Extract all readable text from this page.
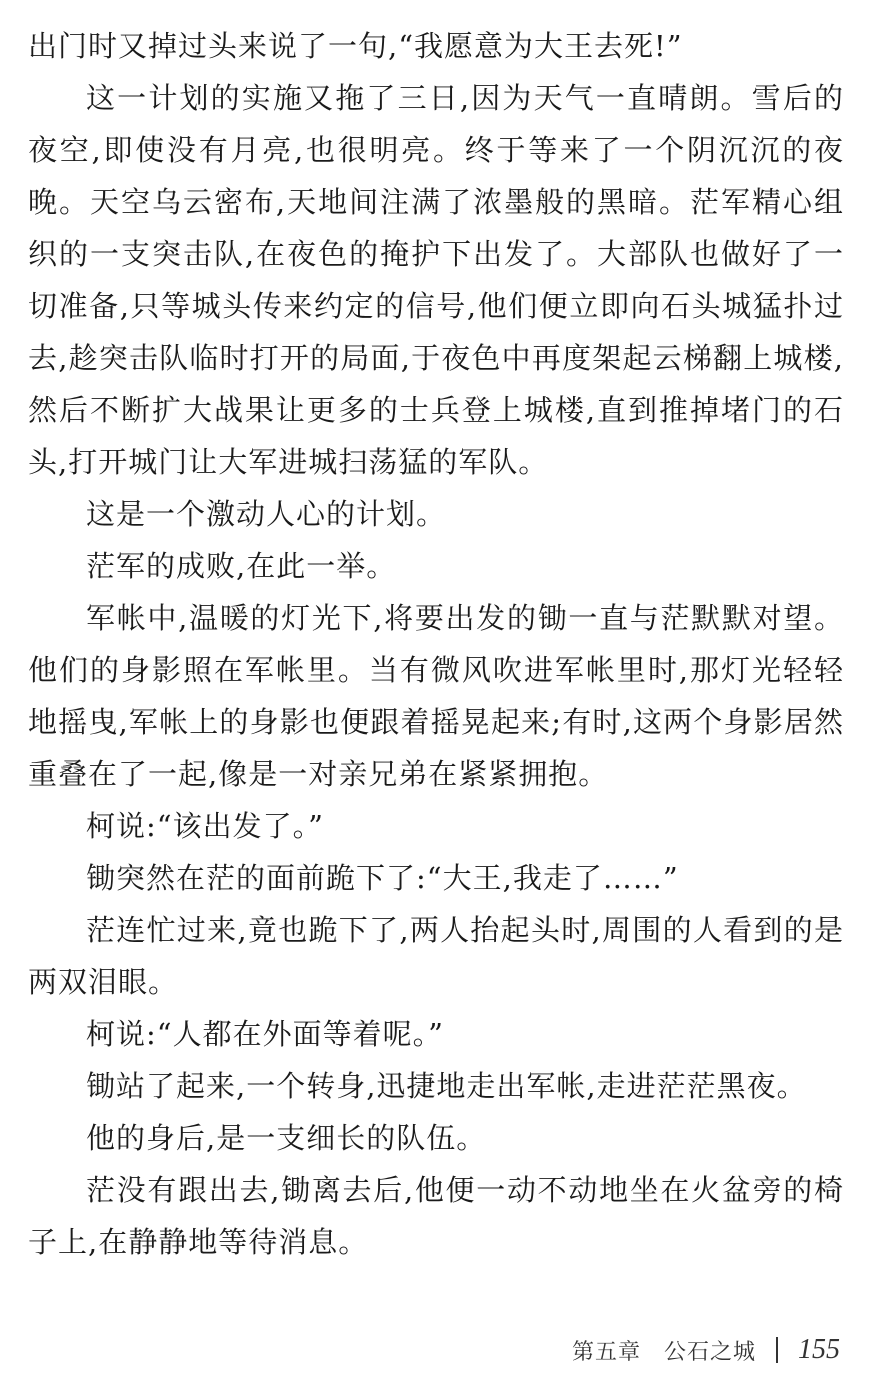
出门时又掉过头来说了一句,“我愿意为大王去死!”

这一计划的实施又拖了三日,因为天气一直晴朗。雪后的夜空,即使没有月亮,也很明亮。终于等来了一个阴沉沉的夜晚。天空乌云密布,天地间注满了浓墨般的黑暗。茫军精心组织的一支突击队,在夜色的掩护下出发了。大部队也做好了一切准备,只等城头传来约定的信号,他们便立即向石头城猛扑过去,趁突击队临时打开的局面,于夜色中再度架起云梯翻上城楼,然后不断扩大战果让更多的士兵登上城楼,直到推掉堵门的石头,打开城门让大军进城扫荡猛的军队。

这是一个激动人心的计划。

茫军的成败,在此一举。

军帐中,温暖的灯光下,将要出发的锄一直与茫默默对望。他们的身影照在军帐里。当有微风吹进军帐里时,那灯光轻轻地摇曳,军帐上的身影也便跟着摇晃起来;有时,这两个身影居然重叠在了一起,像是一对亲兄弟在紧紧拥抱。

柯说:“该出发了。”

锄突然在茫的面前跪下了:“大王,我走了……”

茫连忙过来,竟也跪下了,两人抬起头时,周围的人看到的是两双泪眼。

柯说:“人都在外面等着呢。”

锄站了起来,一个转身,迅捷地走出军帐,走进茫茫黑夜。

他的身后,是一支细长的队伍。

茫没有跟出去,锄离去后,他便一动不动地坐在火盆旁的椅子上,在静静地等待消息。

第五章　公石之城 155
